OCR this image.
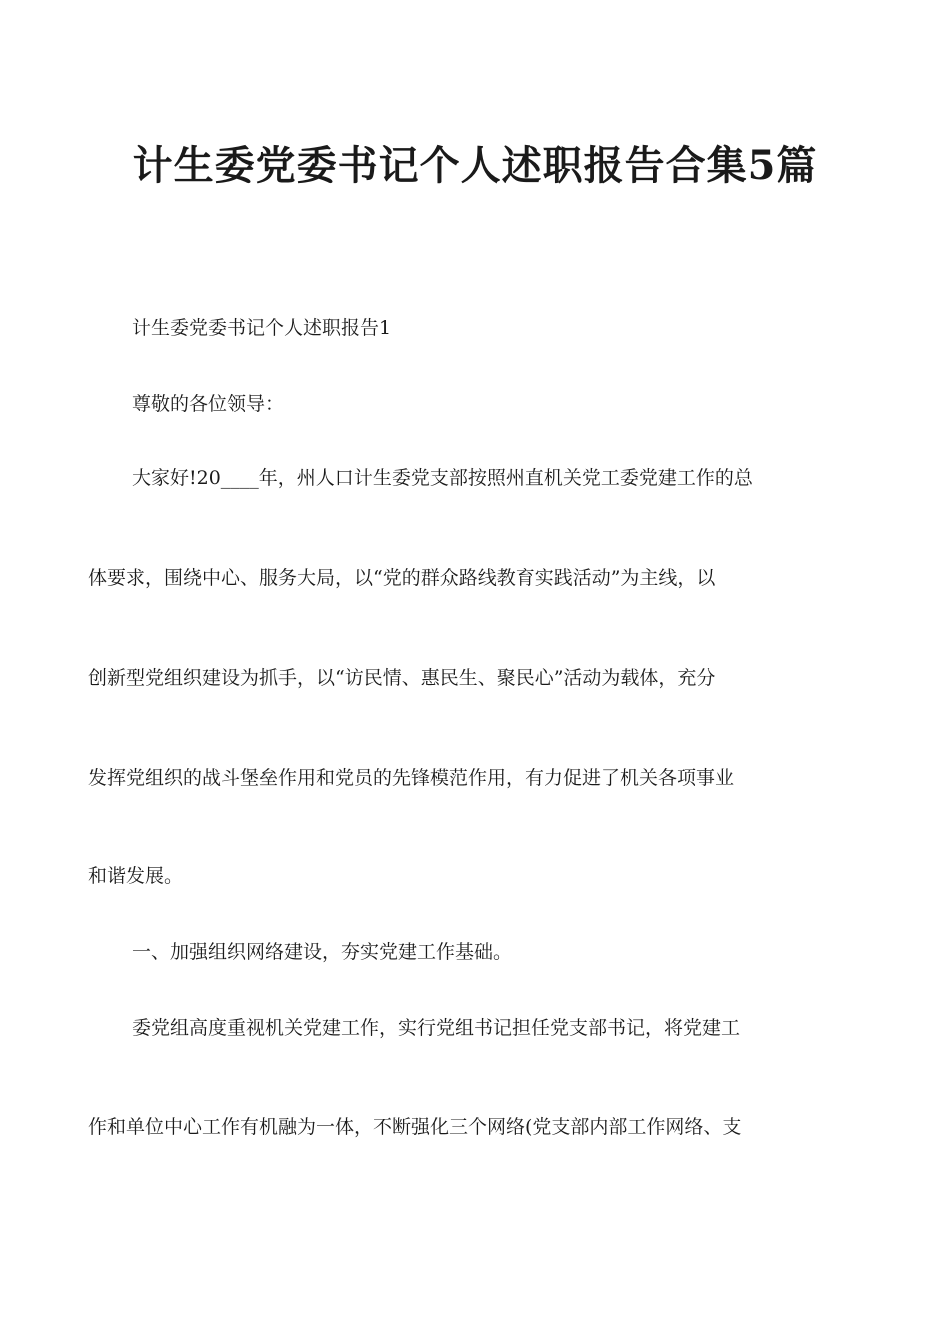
计生委党委书记个人述职报告合集5篇
计生委党委书记个人述职报告1
尊敬的各位领导：
大家好!20____年，州人口计生委党支部按照州直机关党工委党建工作的总
体要求，围绕中心、服务大局，以“党的群众路线教育实践活动”为主线，以
创新型党组织建设为抓手，以“访民情、惠民生、聚民心”活动为载体，充分
发挥党组织的战斗堡垒作用和党员的先锋模范作用，有力促进了机关各项事业
和谐发展。
一、加强组织网络建设，夯实党建工作基础。
委党组高度重视机关党建工作，实行党组书记担任党支部书记，将党建工
作和单位中心工作有机融为一体，不断强化三个网络(党支部内部工作网络、支
